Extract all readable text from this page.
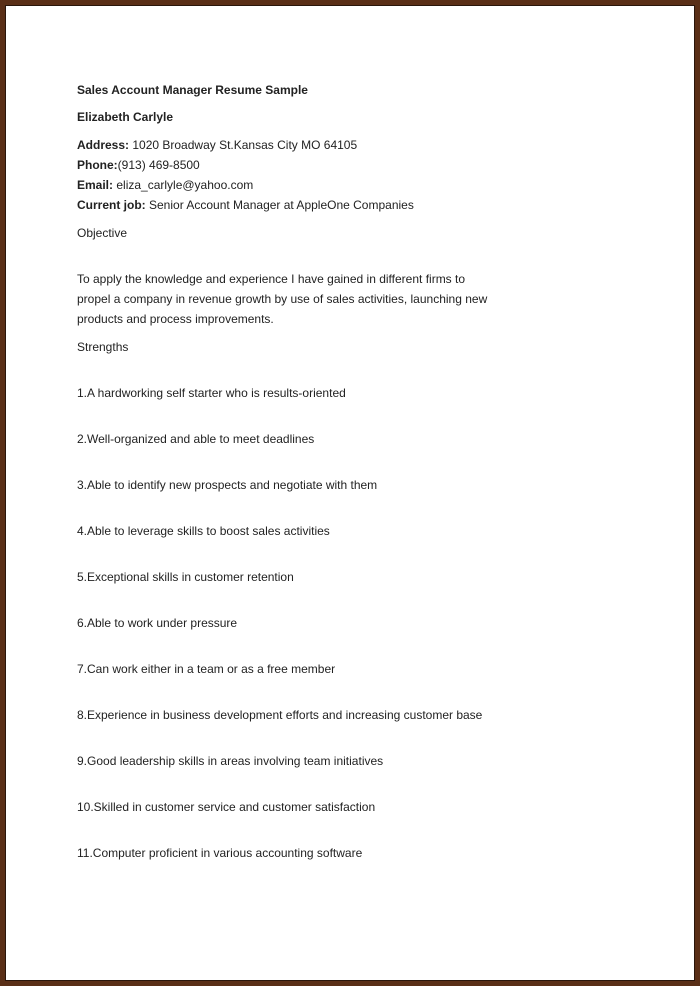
Sales Account Manager Resume Sample
Elizabeth Carlyle
Address: 1020 Broadway St.Kansas City MO 64105
Phone:(913) 469-8500
Email: eliza_carlyle@yahoo.com
Current job: Senior Account Manager at AppleOne Companies
Objective
To apply the knowledge and experience I have gained in different firms to
propel a company in revenue growth by use of sales activities, launching new
products and process improvements.
Strengths
1.A hardworking self starter who is results-oriented
2.Well-organized and able to meet deadlines
3.Able to identify new prospects and negotiate with them
4.Able to leverage skills to boost sales activities
5.Exceptional skills in customer retention
6.Able to work under pressure
7.Can work either in a team or as a free member
8.Experience in business development efforts and increasing customer base
9.Good leadership skills in areas involving team initiatives
10.Skilled in customer service and customer satisfaction
11.Computer proficient in various accounting software
